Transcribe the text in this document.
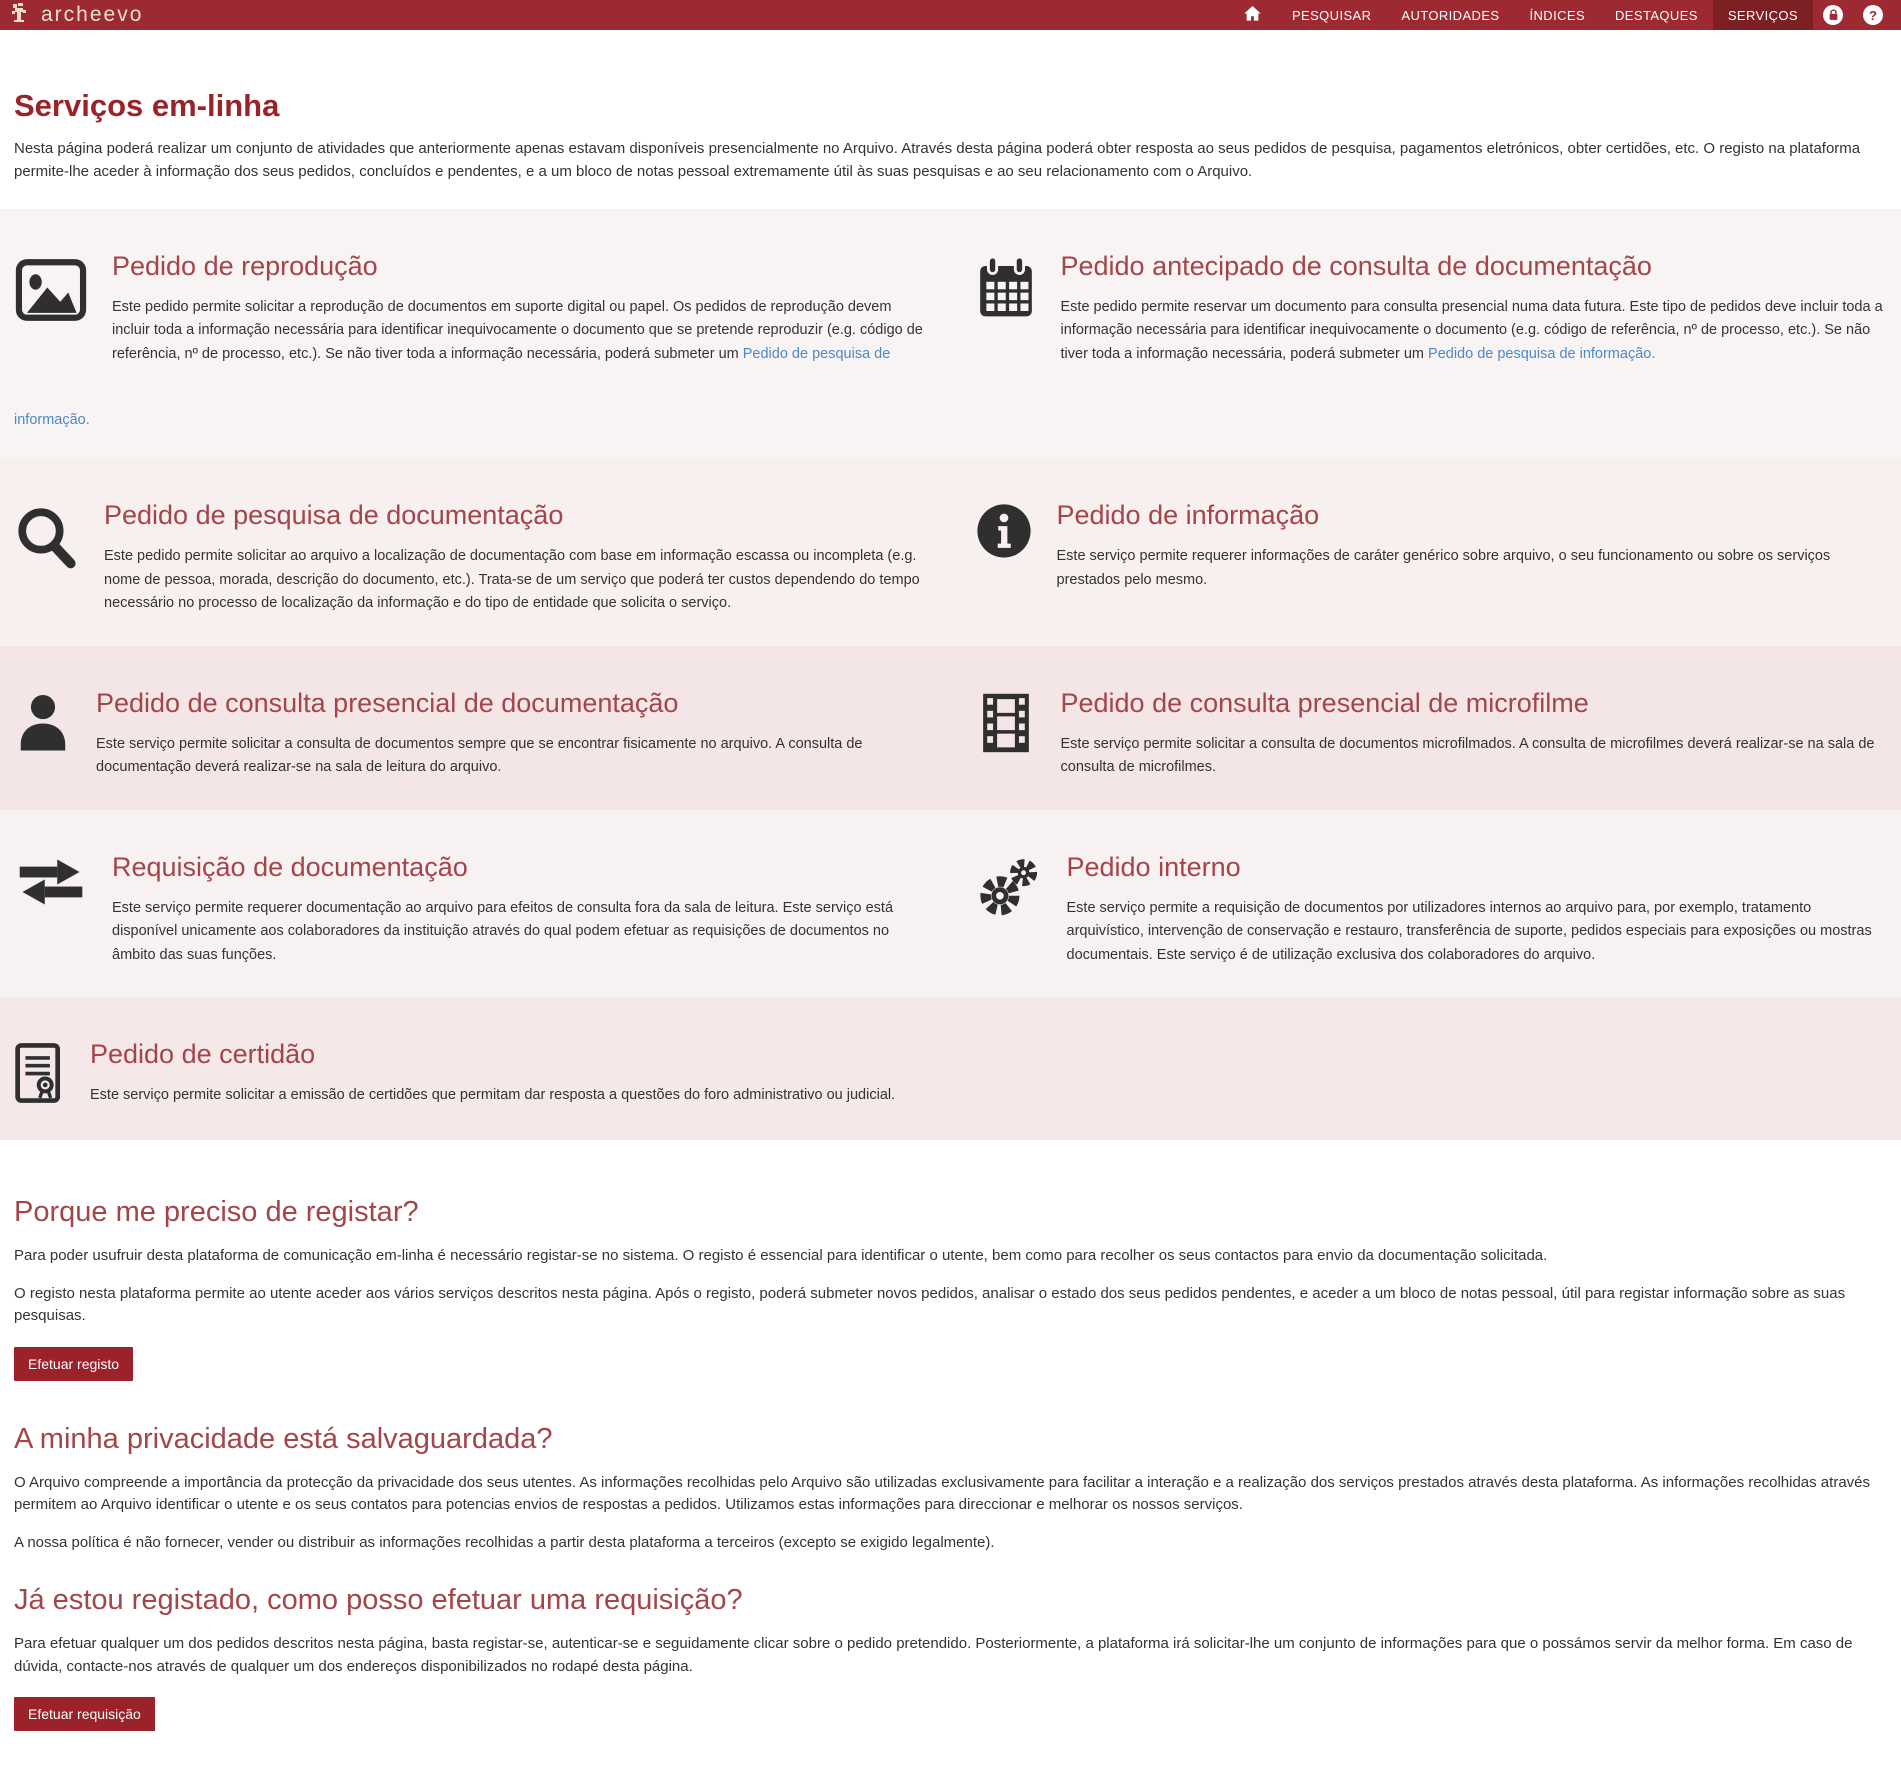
archeevo	PESQUISAR	AUTORIDADES	ÍNDICES	DESTAQUES	SERVIÇOS	?
Serviços em-linha

Nesta página poderá realizar um conjunto de atividades que anteriormente apenas estavam disponíveis presencialmente no Arquivo. Através desta página poderá obter resposta ao seus pedidos de pesquisa, pagamentos eletrónicos, obter certidões, etc. O registo na plataforma permite-lhe aceder à informação dos seus pedidos, concluídos e pendentes, e a um bloco de notas pessoal extremamente útil às suas pesquisas e ao seu relacionamento com o Arquivo.

Pedido de reprodução

Este pedido permite solicitar a reprodução de documentos em suporte digital ou papel. Os pedidos de reprodução devem incluir toda a informação necessária para identificar inequivocamente o documento que se pretende reproduzir (e.g. código de referência, nº de processo, etc.). Se não tiver toda a informação necessária, poderá submeter um Pedido de pesquisa de

Pedido antecipado de consulta de documentação

Este pedido permite reservar um documento para consulta presencial numa data futura. Este tipo de pedidos deve incluir toda a informação necessária para identificar inequivocamente o documento (e.g. código de referência, nº de processo, etc.). Se não tiver toda a informação necessária, poderá submeter um Pedido de pesquisa de informação.

informação.
Pedido de pesquisa de documentação

Este pedido permite solicitar ao arquivo a localização de documentação com base em informação escassa ou incompleta (e.g. nome de pessoa, morada, descrição do documento, etc.). Trata-se de um serviço que poderá ter custos dependendo do tempo necessário no processo de localização da informação e do tipo de entidade que solicita o serviço.

Pedido de informação

Este serviço permite requerer informações de caráter genérico sobre arquivo, o seu funcionamento ou sobre os serviços prestados pelo mesmo.

Pedido de consulta presencial de documentação

Este serviço permite solicitar a consulta de documentos sempre que se encontrar fisicamente no arquivo. A consulta de documentação deverá realizar-se na sala de leitura do arquivo.

Pedido de consulta presencial de microfilme

Este serviço permite solicitar a consulta de documentos microfilmados. A consulta de microfilmes deverá realizar-se na sala de consulta de microfilmes.

Requisição de documentação

Este serviço permite requerer documentação ao arquivo para efeitos de consulta fora da sala de leitura. Este serviço está disponível unicamente aos colaboradores da instituição através do qual podem efetuar as requisições de documentos no âmbito das suas funções.

Pedido interno

Este serviço permite a requisição de documentos por utilizadores internos ao arquivo para, por exemplo, tratamento arquivístico, intervenção de conservação e restauro, transferência de suporte, pedidos especiais para exposições ou mostras documentais. Este serviço é de utilização exclusiva dos colaboradores do arquivo.

Pedido de certidão

Este serviço permite solicitar a emissão de certidões que permitam dar resposta a questões do foro administrativo ou judicial.

Porque me preciso de registar?

Para poder usufruir desta plataforma de comunicação em-linha é necessário registar-se no sistema. O registo é essencial para identificar o utente, bem como para recolher os seus contactos para envio da documentação solicitada.

O registo nesta plataforma permite ao utente aceder aos vários serviços descritos nesta página. Após o registo, poderá submeter novos pedidos, analisar o estado dos seus pedidos pendentes, e aceder a um bloco de notas pessoal, útil para registar informação sobre as suas pesquisas.

Efetuar registo
A minha privacidade está salvaguardada?

O Arquivo compreende a importância da protecção da privacidade dos seus utentes. As informações recolhidas pelo Arquivo são utilizadas exclusivamente para facilitar a interação e a realização dos serviços prestados através desta plataforma. As informações recolhidas através permitem ao Arquivo identificar o utente e os seus contatos para potencias envios de respostas a pedidos. Utilizamos estas informações para direccionar e melhorar os nossos serviços.

A nossa política é não fornecer, vender ou distribuir as informações recolhidas a partir desta plataforma a terceiros (excepto se exigido legalmente).

Já estou registado, como posso efetuar uma requisição?

Para efetuar qualquer um dos pedidos descritos nesta página, basta registar-se, autenticar-se e seguidamente clicar sobre o pedido pretendido. Posteriormente, a plataforma irá solicitar-lhe um conjunto de informações para que o possámos servir da melhor forma. Em caso de dúvida, contacte-nos através de qualquer um dos endereços disponibilizados no rodapé desta página.

Efetuar requisição
